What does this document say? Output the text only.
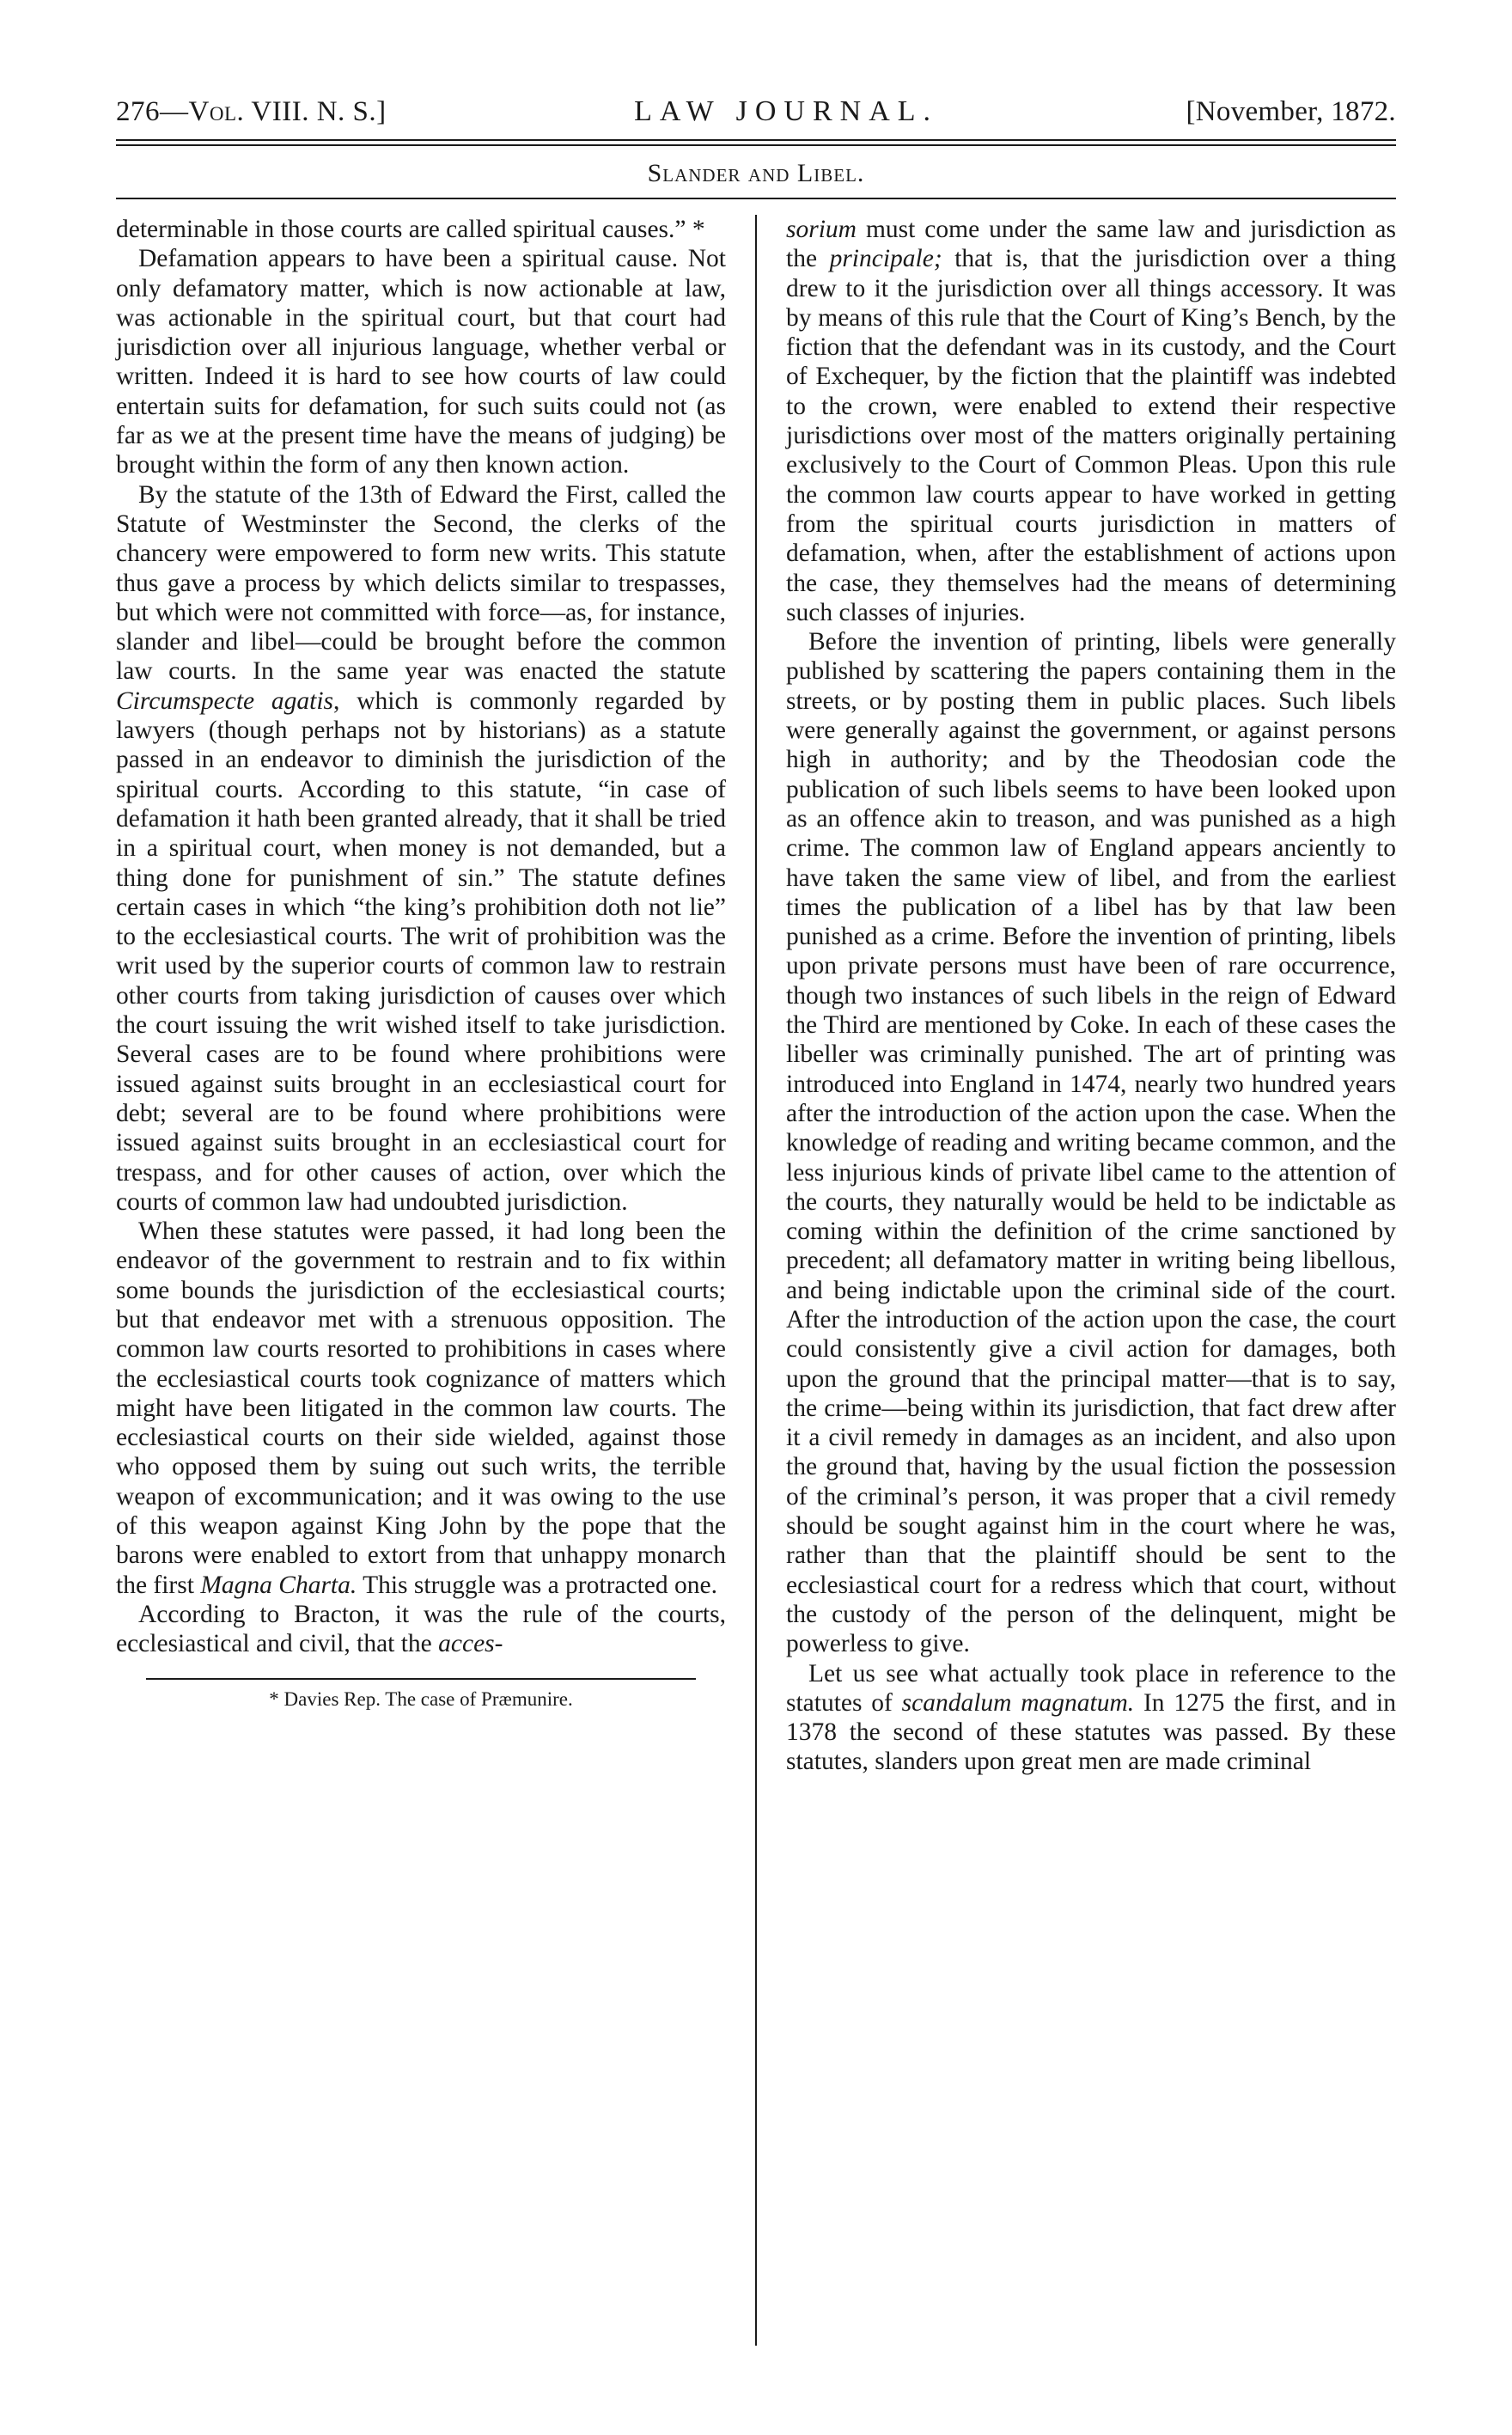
276—Vol. VIII. N. S.]	LAW JOURNAL.	[November, 1872.
Slander and Libel.

determinable in those courts are called spiritual causes.” *

Defamation appears to have been a spiritual cause. Not only defamatory matter, which is now actionable at law, was actionable in the spiritual court, but that court had jurisdiction over all injurious language, whether verbal or written. Indeed it is hard to see how courts of law could entertain suits for defamation, for such suits could not (as far as we at the present time have the means of judging) be brought within the form of any then known action.

By the statute of the 13th of Edward the First, called the Statute of Westminster the Second, the clerks of the chancery were empowered to form new writs. This statute thus gave a process by which delicts similar to trespasses, but which were not committed with force—as, for instance, slander and libel—could be brought before the common law courts. In the same year was enacted the statute Circumspecte agatis, which is commonly regarded by lawyers (though perhaps not by historians) as a statute passed in an endeavor to diminish the jurisdiction of the spiritual courts. According to this statute, “in case of defamation it hath been granted already, that it shall be tried in a spiritual court, when money is not demanded, but a thing done for punishment of sin.” The statute defines certain cases in which “the king’s prohibition doth not lie” to the ecclesiastical courts. The writ of prohibition was the writ used by the superior courts of common law to restrain other courts from taking jurisdiction of causes over which the court issuing the writ wished itself to take jurisdiction. Several cases are to be found where prohibitions were issued against suits brought in an ecclesiastical court for debt; several are to be found where prohibitions were issued against suits brought in an ecclesiastical court for trespass, and for other causes of action, over which the courts of common law had undoubted jurisdiction.

When these statutes were passed, it had long been the endeavor of the government to restrain and to fix within some bounds the jurisdiction of the ecclesiastical courts; but that endeavor met with a strenuous opposition. The common law courts resorted to prohibitions in cases where the ecclesiastical courts took cognizance of matters which might have been litigated in the common law courts. The ecclesiastical courts on their side wielded, against those who opposed them by suing out such writs, the terrible weapon of excommunication; and it was owing to the use of this weapon against King John by the pope that the barons were enabled to extort from that unhappy monarch the first Magna Charta. This struggle was a protracted one.

According to Bracton, it was the rule of the courts, ecclesiastical and civil, that the acces-

* Davies Rep. The case of Præmunire.

sorium must come under the same law and jurisdiction as the principale; that is, that the jurisdiction over a thing drew to it the jurisdiction over all things accessory. It was by means of this rule that the Court of King’s Bench, by the fiction that the defendant was in its custody, and the Court of Exchequer, by the fiction that the plaintiff was indebted to the crown, were enabled to extend their respective jurisdictions over most of the matters originally pertaining exclusively to the Court of Common Pleas. Upon this rule the common law courts appear to have worked in getting from the spiritual courts jurisdiction in matters of defamation, when, after the establishment of actions upon the case, they themselves had the means of determining such classes of injuries.

Before the invention of printing, libels were generally published by scattering the papers containing them in the streets, or by posting them in public places. Such libels were generally against the government, or against persons high in authority; and by the Theodosian code the publication of such libels seems to have been looked upon as an offence akin to treason, and was punished as a high crime. The common law of England appears anciently to have taken the same view of libel, and from the earliest times the publication of a libel has by that law been punished as a crime. Before the invention of printing, libels upon private persons must have been of rare occurrence, though two instances of such libels in the reign of Edward the Third are mentioned by Coke. In each of these cases the libeller was criminally punished. The art of printing was introduced into England in 1474, nearly two hundred years after the introduction of the action upon the case. When the knowledge of reading and writing became common, and the less injurious kinds of private libel came to the attention of the courts, they naturally would be held to be indictable as coming within the definition of the crime sanctioned by precedent; all defamatory matter in writing being libellous, and being indictable upon the criminal side of the court. After the introduction of the action upon the case, the court could consistently give a civil action for damages, both upon the ground that the principal matter—that is to say, the crime—being within its jurisdiction, that fact drew after it a civil remedy in damages as an incident, and also upon the ground that, having by the usual fiction the possession of the criminal’s person, it was proper that a civil remedy should be sought against him in the court where he was, rather than that the plaintiff should be sent to the ecclesiastical court for a redress which that court, without the custody of the person of the delinquent, might be powerless to give.

Let us see what actually took place in reference to the statutes of scandalum magnatum. In 1275 the first, and in 1378 the second of these statutes was passed. By these statutes, slanders upon great men are made criminal
